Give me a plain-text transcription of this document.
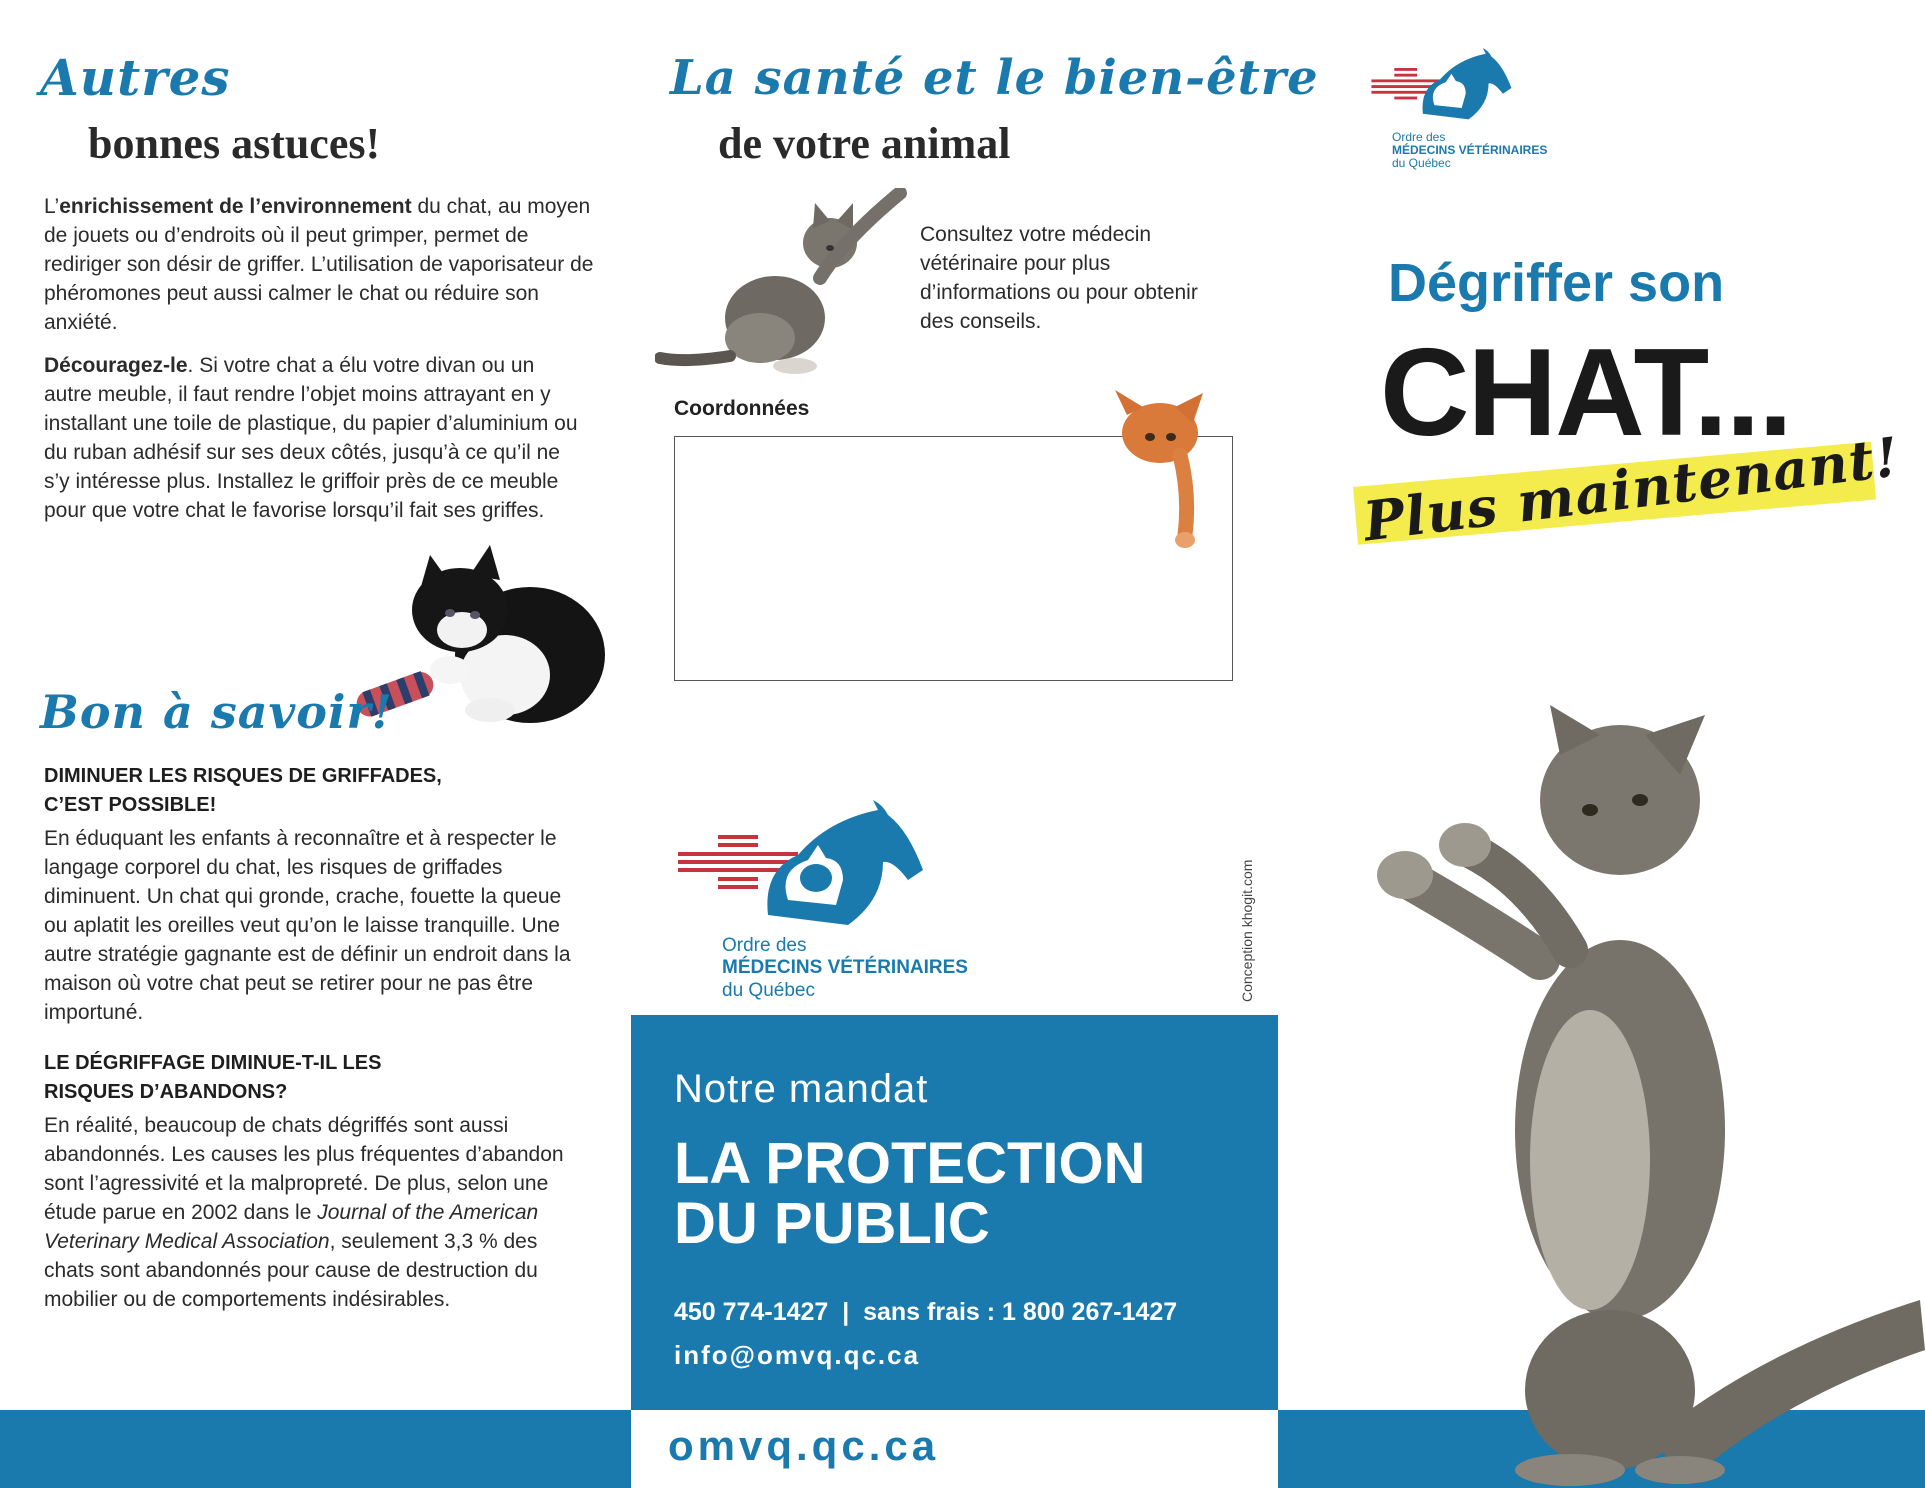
Autres
bonnes astuces!

L’enrichissement de l’environnement du chat, au moyen de jouets ou d’endroits où il peut grimper, permet de rediriger son désir de griffer. L’utilisation de vaporisateur de phéromones peut aussi calmer le chat ou réduire son anxiété.

Découragez-le. Si votre chat a élu votre divan ou un autre meuble, il faut rendre l’objet moins attrayant en y installant une toile de plastique, du papier d’aluminium ou du ruban adhésif sur ses deux côtés, jusqu’à ce qu’il ne s’y intéresse plus. Installez le griffoir près de ce meuble pour que votre chat le favorise lorsqu’il fait ses griffes.

Bon à savoir!
DIMINUER LES RISQUES DE GRIFFADES, C’EST POSSIBLE!
En éduquant les enfants à reconnaître et à respecter le langage corporel du chat, les risques de griffades diminuent. Un chat qui gronde, crache, fouette la queue ou aplatit les oreilles veut qu’on le laisse tranquille. Une autre stratégie gagnante est de définir un endroit dans la maison où votre chat peut se retirer pour ne pas être importuné.
LE DÉGRIFFAGE DIMINUE-T-IL LES RISQUES D’ABANDONS?
En réalité, beaucoup de chats dégriffés sont aussi abandonnés. Les causes les plus fréquentes d’abandon sont l’agressivité et la malpropreté. De plus, selon une étude parue en 2002 dans le Journal of the American Veterinary Medical Association, seulement 3,3 % des chats sont abandonnés pour cause de destruction du mobilier ou de comportements indésirables.
La santé et le bien-être
de votre animal
Consultez votre médecin vétérinaire pour plus d’informations ou pour obtenir des conseils.
Coordonnées
Ordre des
MÉDECINS VÉTÉRINAIRES
du Québec	Conception khogit.com
Notre mandat
LA PROTECTION
DU PUBLIC
450 774-1427  |  sans frais : 1 800 267-1427
info@omvq.qc.ca
omvq.qc.ca
Ordre des
MÉDECINS VÉTÉRINAIRES
du Québec
Dégriffer son
CHAT...
Plus maintenant!
